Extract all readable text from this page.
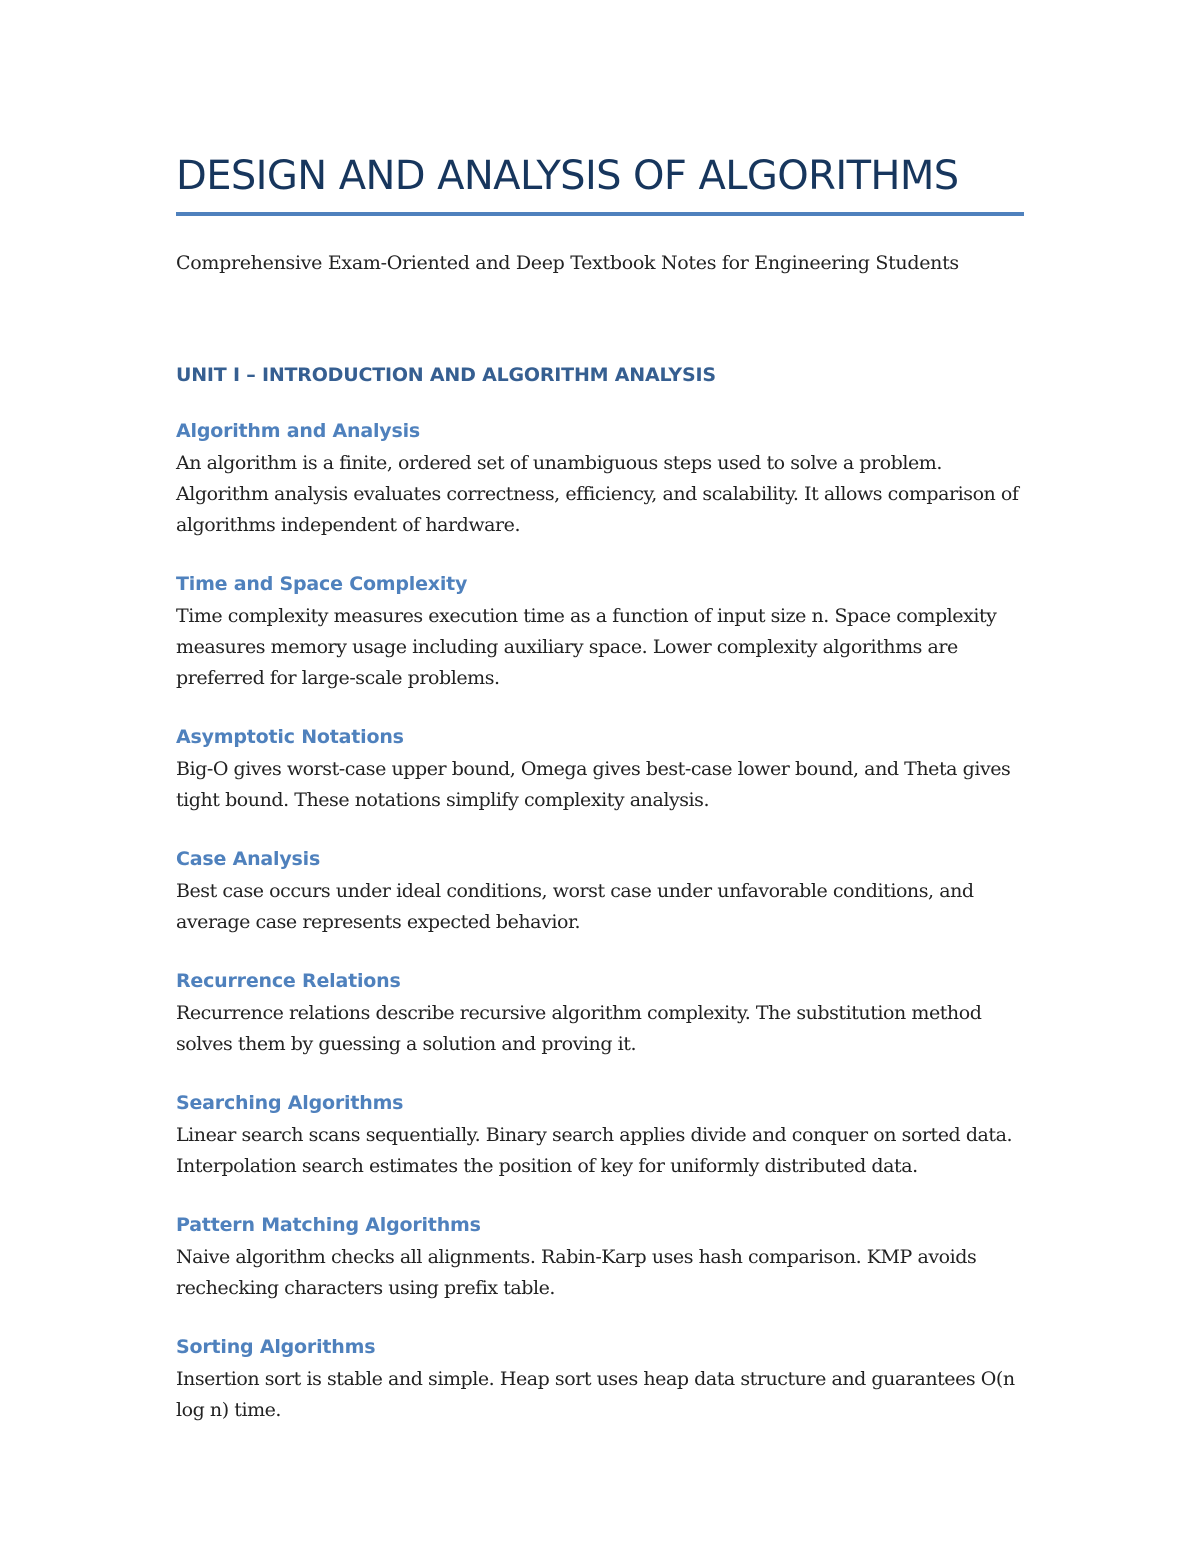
DESIGN AND ANALYSIS OF ALGORITHMS

Comprehensive Exam-Oriented and Deep Textbook Notes for Engineering Students

UNIT I – INTRODUCTION AND ALGORITHM ANALYSIS
Algorithm and Analysis

An algorithm is a finite, ordered set of unambiguous steps used to solve a problem. Algorithm analysis evaluates correctness, efficiency, and scalability. It allows comparison of algorithms independent of hardware.

Time and Space Complexity

Time complexity measures execution time as a function of input size n. Space complexity measures memory usage including auxiliary space. Lower complexity algorithms are preferred for large-scale problems.

Asymptotic Notations

Big-O gives worst-case upper bound, Omega gives best-case lower bound, and Theta gives tight bound. These notations simplify complexity analysis.

Case Analysis

Best case occurs under ideal conditions, worst case under unfavorable conditions, and average case represents expected behavior.

Recurrence Relations

Recurrence relations describe recursive algorithm complexity. The substitution method solves them by guessing a solution and proving it.

Searching Algorithms

Linear search scans sequentially. Binary search applies divide and conquer on sorted data. Interpolation search estimates the position of key for uniformly distributed data.

Pattern Matching Algorithms

Naive algorithm checks all alignments. Rabin-Karp uses hash comparison. KMP avoids rechecking characters using prefix table.

Sorting Algorithms

Insertion sort is stable and simple. Heap sort uses heap data structure and guarantees O(n log n) time.
